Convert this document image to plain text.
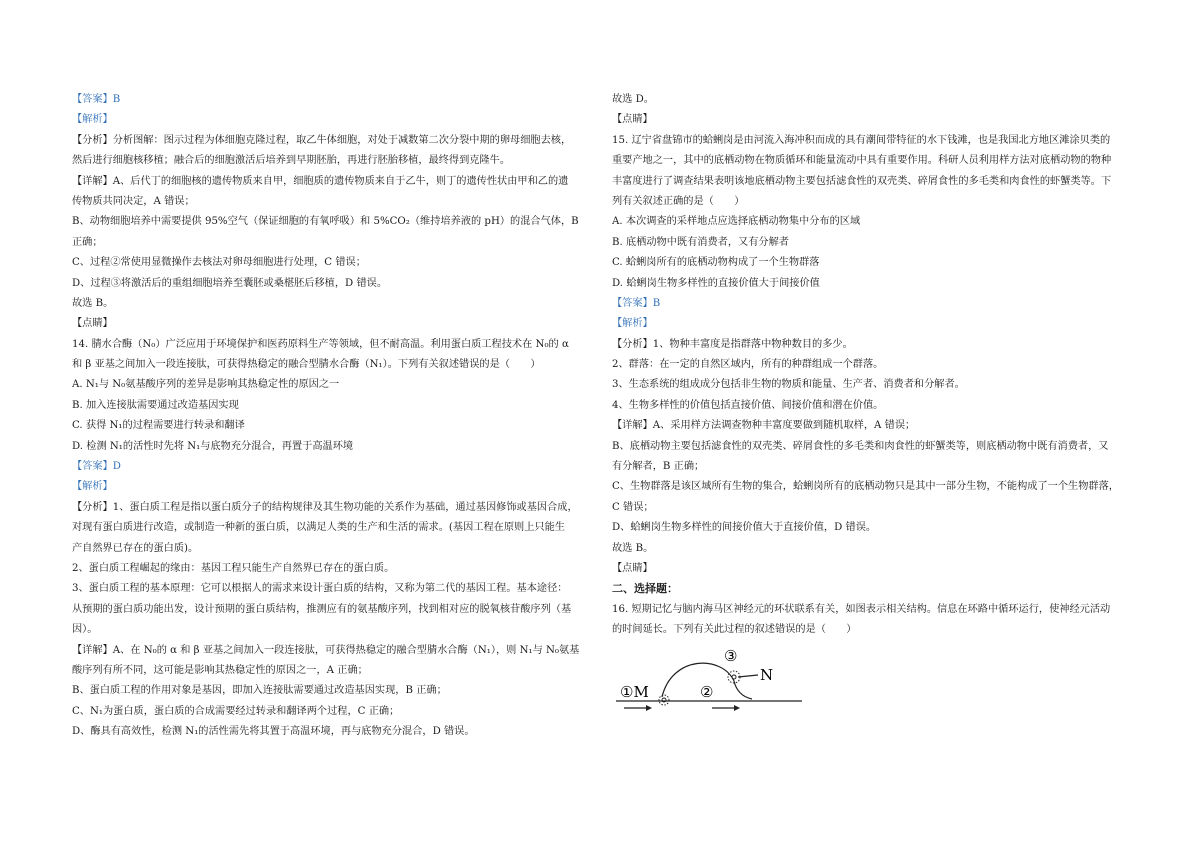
【答案】B
【解析】
【分析】分析图解：图示过程为体细胞克隆过程，取乙牛体细胞，对处于减数第二次分裂中期的卵母细胞去核，
然后进行细胞核移植；融合后的细胞激活后培养到早期胚胎，再进行胚胎移植，最终得到克隆牛。
【详解】A、后代丁的细胞核的遗传物质来自甲，细胞质的遗传物质来自于乙牛，则丁的遗传性状由甲和乙的遗
传物质共同决定，A 错误；
B、动物细胞培养中需要提供 95%空气（保证细胞的有氧呼吸）和 5%CO₂（维持培养液的 pH）的混合气体，B
正确；
C、过程②常使用显微操作去核法对卵母细胞进行处理，C 错误；
D、过程③将激活后的重组细胞培养至囊胚或桑椹胚后移植，D 错误。
故选 B。
【点睛】
14. 腈水合酶（N₀）广泛应用于环境保护和医药原料生产等领域，但不耐高温。利用蛋白质工程技术在 N₀的 α
和 β 亚基之间加入一段连接肽，可获得热稳定的融合型腈水合酶（N₁）。下列有关叙述错误的是（　　）
A. N₁与 N₀氨基酸序列的差异是影响其热稳定性的原因之一
B. 加入连接肽需要通过改造基因实现
C. 获得 N₁的过程需要进行转录和翻译
D. 检测 N₁的活性时先将 N₁与底物充分混合，再置于高温环境
【答案】D
【解析】
【分析】1、蛋白质工程是指以蛋白质分子的结构规律及其生物功能的关系作为基础，通过基因修饰或基因合成，
对现有蛋白质进行改造，或制造一种新的蛋白质，以满足人类的生产和生活的需求。(基因工程在原则上只能生
产自然界已存在的蛋白质)。
2、蛋白质工程崛起的缘由：基因工程只能生产自然界已存在的蛋白质。
3、蛋白质工程的基本原理：它可以根据人的需求来设计蛋白质的结构，又称为第二代的基因工程。基本途径：
从预期的蛋白质功能出发，设计预期的蛋白质结构，推测应有的氨基酸序列，找到相对应的脱氧核苷酸序列（基
因）。
【详解】A、在 N₀的 α 和 β 亚基之间加入一段连接肽，可获得热稳定的融合型腈水合酶（N₁），则 N₁与 N₀氨基
酸序列有所不同，这可能是影响其热稳定性的原因之一，A 正确；
B、蛋白质工程的作用对象是基因，即加入连接肽需要通过改造基因实现，B 正确；
C、N₁为蛋白质，蛋白质的合成需要经过转录和翻译两个过程，C 正确；
D、酶具有高效性，检测 N₁的活性需先将其置于高温环境，再与底物充分混合，D 错误。
故选 D。
【点睛】
15. 辽宁省盘锦市的蛤蜊岗是由河流入海冲积而成的具有潮间带特征的水下钱滩，也是我国北方地区滩涂贝类的
重要产地之一，其中的底栖动物在物质循环和能量流动中具有重要作用。科研人员利用样方法对底栖动物的物种
丰富度进行了调查结果表明该地底栖动物主要包括滤食性的双壳类、碎屑食性的多毛类和肉食性的虾蟹类等。下
列有关叙述正确的是（　　）
A. 本次调查的采样地点应选择底栖动物集中分布的区域
B. 底栖动物中既有消费者，又有分解者
C. 蛤蜊岗所有的底栖动物构成了一个生物群落
D. 蛤蜊岗生物多样性的直接价值大于间接价值
【答案】B
【解析】
【分析】1、物种丰富度是指群落中物种数目的多少。
2、群落：在一定的自然区域内，所有的种群组成一个群落。
3、生态系统的组成成分包括非生物的物质和能量、生产者、消费者和分解者。
4、生物多样性的价值包括直接价值、间接价值和潜在价值。
【详解】A、采用样方法调查物种丰富度要做到随机取样，A 错误；
B、底栖动物主要包括滤食性的双壳类、碎屑食性的多毛类和肉食性的虾蟹类等，则底栖动物中既有消费者，又
有分解者，B 正确；
C、生物群落是该区域所有生物的集合，蛤蜊岗所有的底栖动物只是其中一部分生物，不能构成了一个生物群落，
C 错误；
D、蛤蜊岗生物多样性的间接价值大于直接价值，D 错误。
故选 B。
【点睛】
二、选择题：
16. 短期记忆与脑内海马区神经元的环状联系有关，如图表示相关结构。信息在环路中循环运行，使神经元活动
的时间延长。下列有关此过程的叙述错误的是（　　）
①M	②
③
N
